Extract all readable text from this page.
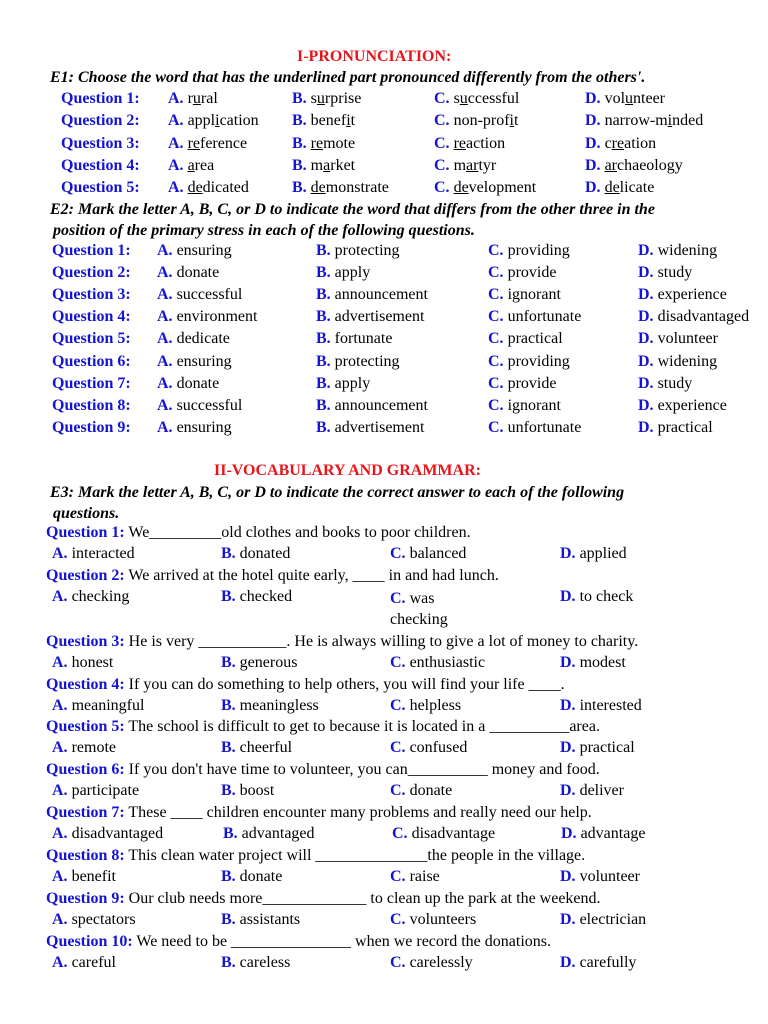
I-PRONUNCIATION:
E1: Choose the word that has the underlined part pronounced differently from the others'.
Question 1: A. rural	B. surprise	C. successful	D. volunteer
Question 2: A. application B. benefit	C. non-profit	D. narrow-minded
Question 3: A. reference	B. remote	C. reaction	D. creation
Question 4: A. area	B. market	C. martyr	D. archaeology
Question 5: A. dedicated	B. demonstrate	C. development	D. delicate
E2: Mark the letter A, B, C, or D to indicate the word that differs from the other three in the
position of the primary stress in each of the following questions.
Question 1: A. ensuring	B. protecting	C. providing	D. widening
Question 2: A. donate	B. apply	C. provide	D. study
Question 3: A. successful	B. announcement	C. ignorant	D. experience
Question 4: A. environment	B. advertisement	C. unfortunate	D. disadvantaged
Question 5: A. dedicate	B. fortunate	C. practical	D. volunteer
Question 6: A. ensuring	B. protecting	C. providing	D. widening
Question 7: A. donate	B. apply	C. provide	D. study
Question 8: A. successful	B. announcement	C. ignorant	D. experience
Question 9: A. ensuring	B. advertisement	C. unfortunate	D. practical
II-VOCABULARY AND GRAMMAR:
E3: Mark the letter A, B, C, or D to indicate the correct answer to each of the following
questions.
Question 1: We_________old clothes and books to poor children.
A. interacted	B. donated	C. balanced	D. applied
Question 2: We arrived at the hotel quite early, ____ in and had lunch.
A. checking	B. checked	C. was
checking
D. to check
Question 3: He is very ___________. He is always willing to give a lot of money to charity.
A. honest	B. generous	C. enthusiastic	D. modest
Question 4: If you can do something to help others, you will find your life ____.
A. meaningful	B. meaningless	C. helpless	D. interested
Question 5: The school is difficult to get to because it is located in a __________area.
A. remote	B. cheerful	C. confused	D. practical
Question 6: If you don't have time to volunteer, you can__________ money and food.
A. participate	B. boost	C. donate	D. deliver
Question 7: These ____ children encounter many problems and really need our help.
A. disadvantaged	B. advantaged	C. disadvantage	D. advantage
Question 8: This clean water project will ______________the people in the village.
A. benefit	B. donate	C. raise	D. volunteer
Question 9: Our club needs more_____________ to clean up the park at the weekend.
A. spectators	B. assistants	C. volunteers	D. electrician
Question 10: We need to be _______________ when we record the donations.
A. careful	B. careless	C. carelessly	D. carefully
